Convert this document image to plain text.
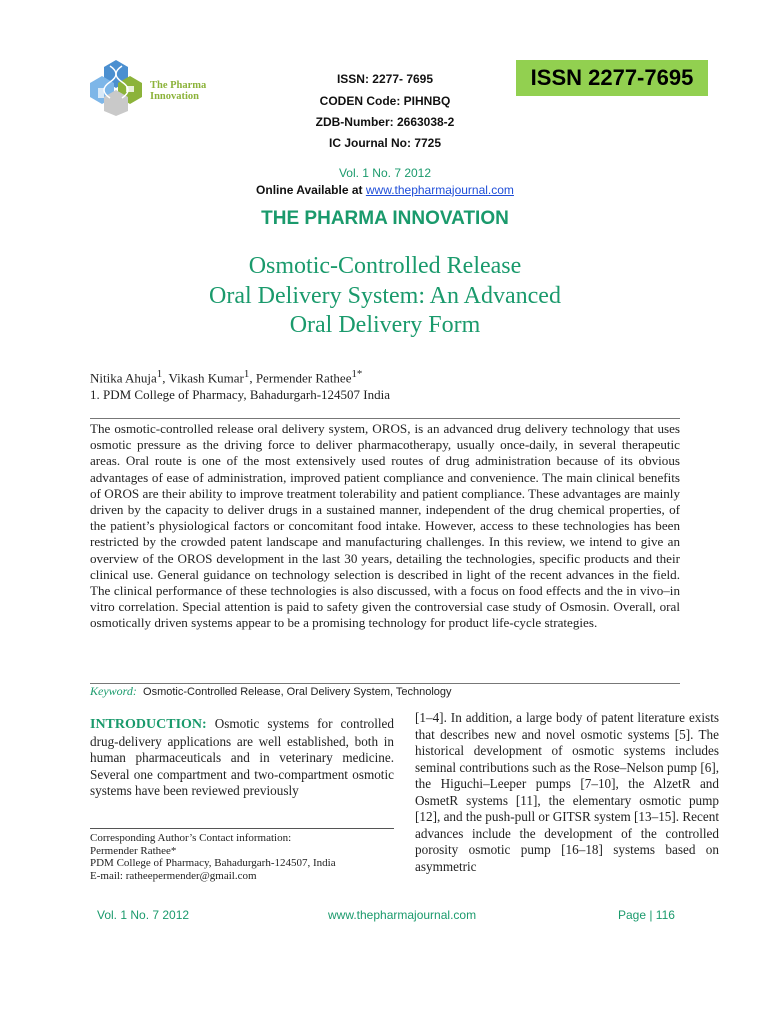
The Pharma
Innovation
ISSN: 2277- 7695
CODEN Code: PIHNBQ
ZDB-Number: 2663038-2
IC Journal No: 7725
ISSN 2277-7695
Vol. 1 No. 7 2012
Online Available at www.thepharmajournal.com
THE PHARMA INNOVATION
Osmotic-Controlled Release
Oral Delivery System: An Advanced
Oral Delivery Form
Nitika Ahuja$^1$, Vikash Kumar$^1$, Permender Rathee$^{1*}$
1. PDM College of Pharmacy, Bahadurgarh-124507 India
The osmotic-controlled release oral delivery system, OROS, is an advanced drug delivery technology that uses osmotic pressure as the driving force to deliver pharmacotherapy, usually once-daily, in several therapeutic areas. Oral route is one of the most extensively used routes of drug administration because of its obvious advantages of ease of administration, improved patient compliance and convenience. The main clinical benefits of OROS are their ability to improve treatment tolerability and patient compliance. These advantages are mainly driven by the capacity to deliver drugs in a sustained manner, independent of the drug chemical properties, of the patient’s physiological factors or concomitant food intake. However, access to these technologies has been restricted by the crowded patent landscape and manufacturing challenges. In this review, we intend to give an overview of the OROS development in the last 30 years, detailing the technologies, specific products and their clinical use. General guidance on technology selection is described in light of the recent advances in the field. The clinical performance of these technologies is also discussed, with a focus on food effects and the in vivo–in vitro correlation. Special attention is paid to safety given the controversial case study of Osmosin. Overall, oral osmotically driven systems appear to be a promising technology for product life-cycle strategies.
Keyword: Osmotic-Controlled Release, Oral Delivery System, Technology
INTRODUCTION: Osmotic systems for controlled drug-delivery applications are well established, both in human pharmaceuticals and in veterinary medicine. Several one compartment and two-compartment osmotic systems have been reviewed previously
[1–4]. In addition, a large body of patent literature exists that describes new and novel osmotic systems [5]. The historical development of osmotic systems includes seminal contributions such as the Rose–Nelson pump [6], the Higuchi–Leeper pumps [7–10], the AlzetR and OsmetR systems [11], the elementary osmotic pump [12], and the push-pull or GITSR system [13–15]. Recent advances include the development of the controlled porosity osmotic pump [16–18] systems based on asymmetric
Corresponding Author’s Contact information:
Permender Rathee*
PDM College of Pharmacy, Bahadurgarh-124507, India
E-mail: ratheepermender@gmail.com
Vol. 1 No. 7 2012	www.thepharmajournal.com	Page | 116
